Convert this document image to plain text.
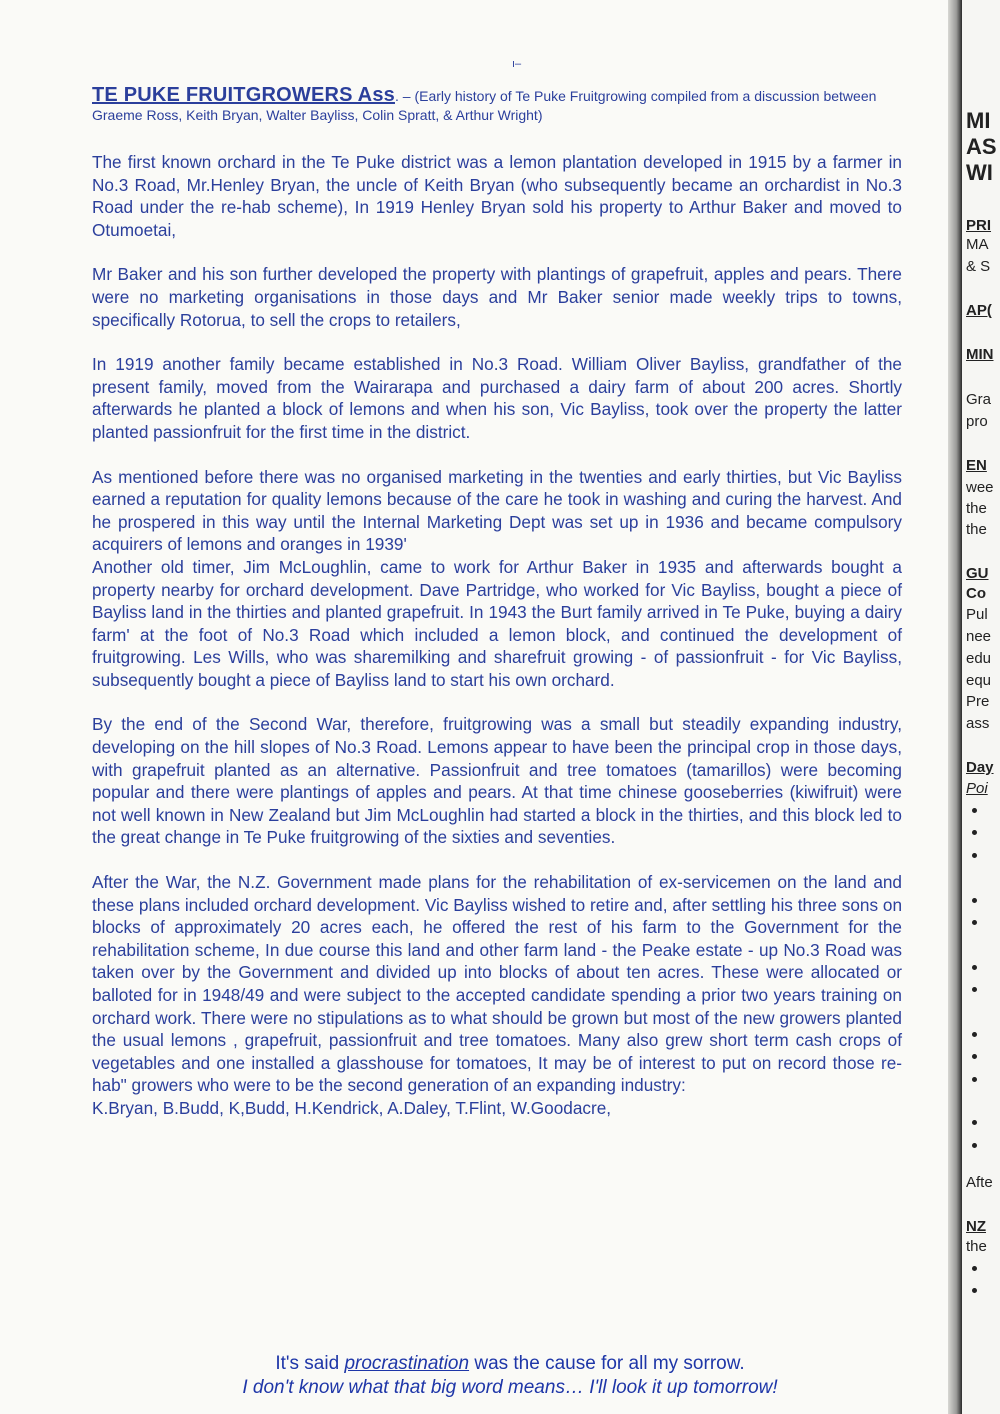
ı–
TE PUKE FRUITGROWERS Ass. – (Early history of Te Puke Fruitgrowing compiled from a discussion between Graeme Ross, Keith Bryan, Walter Bayliss, Colin Spratt, & Arthur Wright)

The first known orchard in the Te Puke district was a lemon plantation developed in 1915 by a farmer in No.3 Road, Mr.Henley Bryan, the uncle of Keith Bryan (who subsequently became an orchardist in No.3 Road under the re-hab scheme), In 1919 Henley Bryan sold his property to Arthur Baker and moved to Otumoetai,

Mr Baker and his son further developed the property with plantings of grapefruit, apples and pears. There were no marketing organisations in those days and Mr Baker senior made weekly trips to towns, specifically Rotorua, to sell the crops to retailers,

In 1919 another family became established in No.3 Road. William Oliver Bayliss, grandfather of the present family, moved from the Wairarapa and purchased a dairy farm of about 200 acres. Shortly afterwards he planted a block of lemons and when his son, Vic Bayliss, took over the property the latter planted passionfruit for the first time in the district.

As mentioned before there was no organised marketing in the twenties and early thirties, but Vic Bayliss earned a reputation for quality lemons because of the care he took in washing and curing the harvest. And he prospered in this way until the Internal Marketing Dept was set up in 1936 and became compulsory acquirers of lemons and oranges in 1939'

Another old timer, Jim McLoughlin, came to work for Arthur Baker in 1935 and afterwards bought a property nearby for orchard development. Dave Partridge, who worked for Vic Bayliss, bought a piece of Bayliss land in the thirties and planted grapefruit. In 1943 the Burt family arrived in Te Puke, buying a dairy farm' at the foot of No.3 Road which included a lemon block, and continued the development of fruitgrowing. Les Wills, who was sharemilking and sharefruit growing - of passionfruit - for Vic Bayliss, subsequently bought a piece of Bayliss land to start his own orchard.

By the end of the Second War, therefore, fruitgrowing was a small but steadily expanding industry, developing on the hill slopes of No.3 Road. Lemons appear to have been the principal crop in those days, with grapefruit planted as an alternative. Passionfruit and tree tomatoes (tamarillos) were becoming popular and there were plantings of apples and pears. At that time chinese gooseberries (kiwifruit) were not well known in New Zealand but Jim McLoughlin had started a block in the thirties, and this block led to the great change in Te Puke fruitgrowing of the sixties and seventies.

After the War, the N.Z. Government made plans for the rehabilitation of ex-servicemen on the land and these plans included orchard development. Vic Bayliss wished to retire and, after settling his three sons on blocks of approximately 20 acres each, he offered the rest of his farm to the Government for the rehabilitation scheme, In due course this land and other farm land - the Peake estate - up No.3 Road was taken over by the Government and divided up into blocks of about ten acres. These were allocated or balloted for in 1948/49 and were subject to the accepted candidate spending a prior two years training on orchard work. There were no stipulations as to what should be grown but most of the new growers planted the usual lemons , grapefruit, passionfruit and tree tomatoes. Many also grew short term cash crops of vegetables and one installed a glasshouse for tomatoes, It may be of interest to put on record those re-hab" growers who were to be the second generation of an expanding industry:

K.Bryan, B.Budd, K,Budd, H.Kendrick, A.Daley, T.Flint, W.Goodacre,

It's said procrastination was the cause for all my sorrow.
I don't know what that big word means… I'll look it up tomorrow!
MI
AS
WI
PRI
MA
& S
AP(
MIN
Gra
pro
EN
wee
the
the
GU
Co
Pul
nee
edu
equ
Pre
ass
Day
Poi
Afte
NZ
the
